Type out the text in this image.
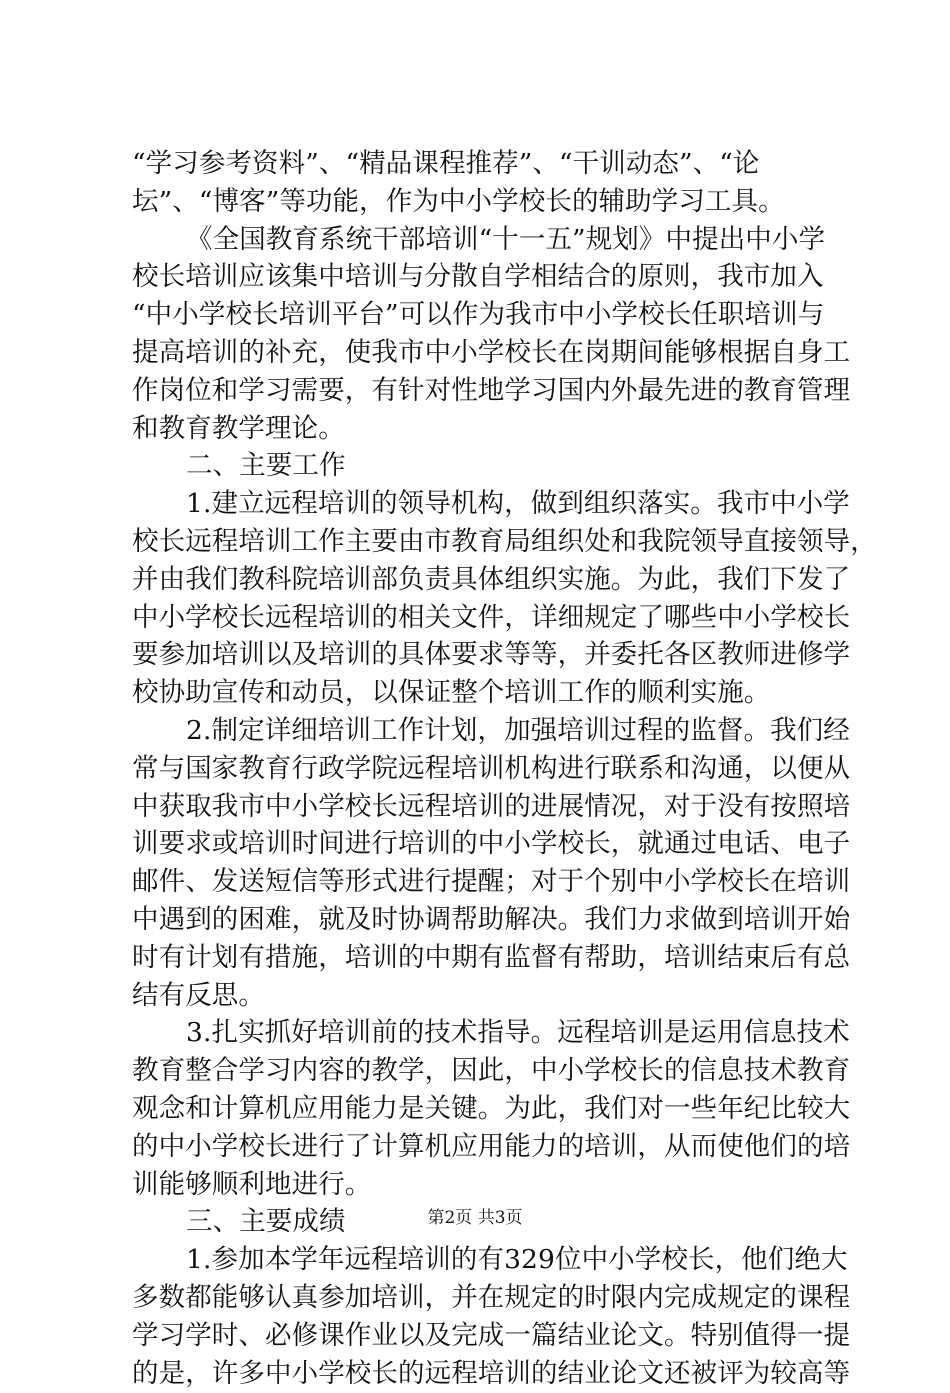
“学习参考资料”、“精品课程推荐”、“干训动态”、“论
坛”、“博客”等功能，作为中小学校长的辅助学习工具。
《全国教育系统干部培训“十一五”规划》中提出中小学
校长培训应该集中培训与分散自学相结合的原则，我市加入
“中小学校长培训平台”可以作为我市中小学校长任职培训与
提高培训的补充，使我市中小学校长在岗期间能够根据自身工
作岗位和学习需要，有针对性地学习国内外最先进的教育管理
和教育教学理论。
二、主要工作
1.建立远程培训的领导机构，做到组织落实。我市中小学
校长远程培训工作主要由市教育局组织处和我院领导直接领导，
并由我们教科院培训部负责具体组织实施。为此，我们下发了
中小学校长远程培训的相关文件，详细规定了哪些中小学校长
要参加培训以及培训的具体要求等等，并委托各区教师进修学
校协助宣传和动员，以保证整个培训工作的顺利实施。
2.制定详细培训工作计划，加强培训过程的监督。我们经
常与国家教育行政学院远程培训机构进行联系和沟通，以便从
中获取我市中小学校长远程培训的进展情况，对于没有按照培
训要求或培训时间进行培训的中小学校长，就通过电话、电子
邮件、发送短信等形式进行提醒；对于个别中小学校长在培训
中遇到的困难，就及时协调帮助解决。我们力求做到培训开始
时有计划有措施，培训的中期有监督有帮助，培训结束后有总
结有反思。
3.扎实抓好培训前的技术指导。远程培训是运用信息技术
教育整合学习内容的教学，因此，中小学校长的信息技术教育
观念和计算机应用能力是关键。为此，我们对一些年纪比较大
的中小学校长进行了计算机应用能力的培训，从而使他们的培
训能够顺利地进行。
三、主要成绩
1.参加本学年远程培训的有329位中小学校长，他们绝大
多数都能够认真参加培训，并在规定的时限内完成规定的课程
学习学时、必修课作业以及完成一篇结业论文。特别值得一提
的是，许多中小学校长的远程培训的结业论文还被评为较高等
第2页 共3页
